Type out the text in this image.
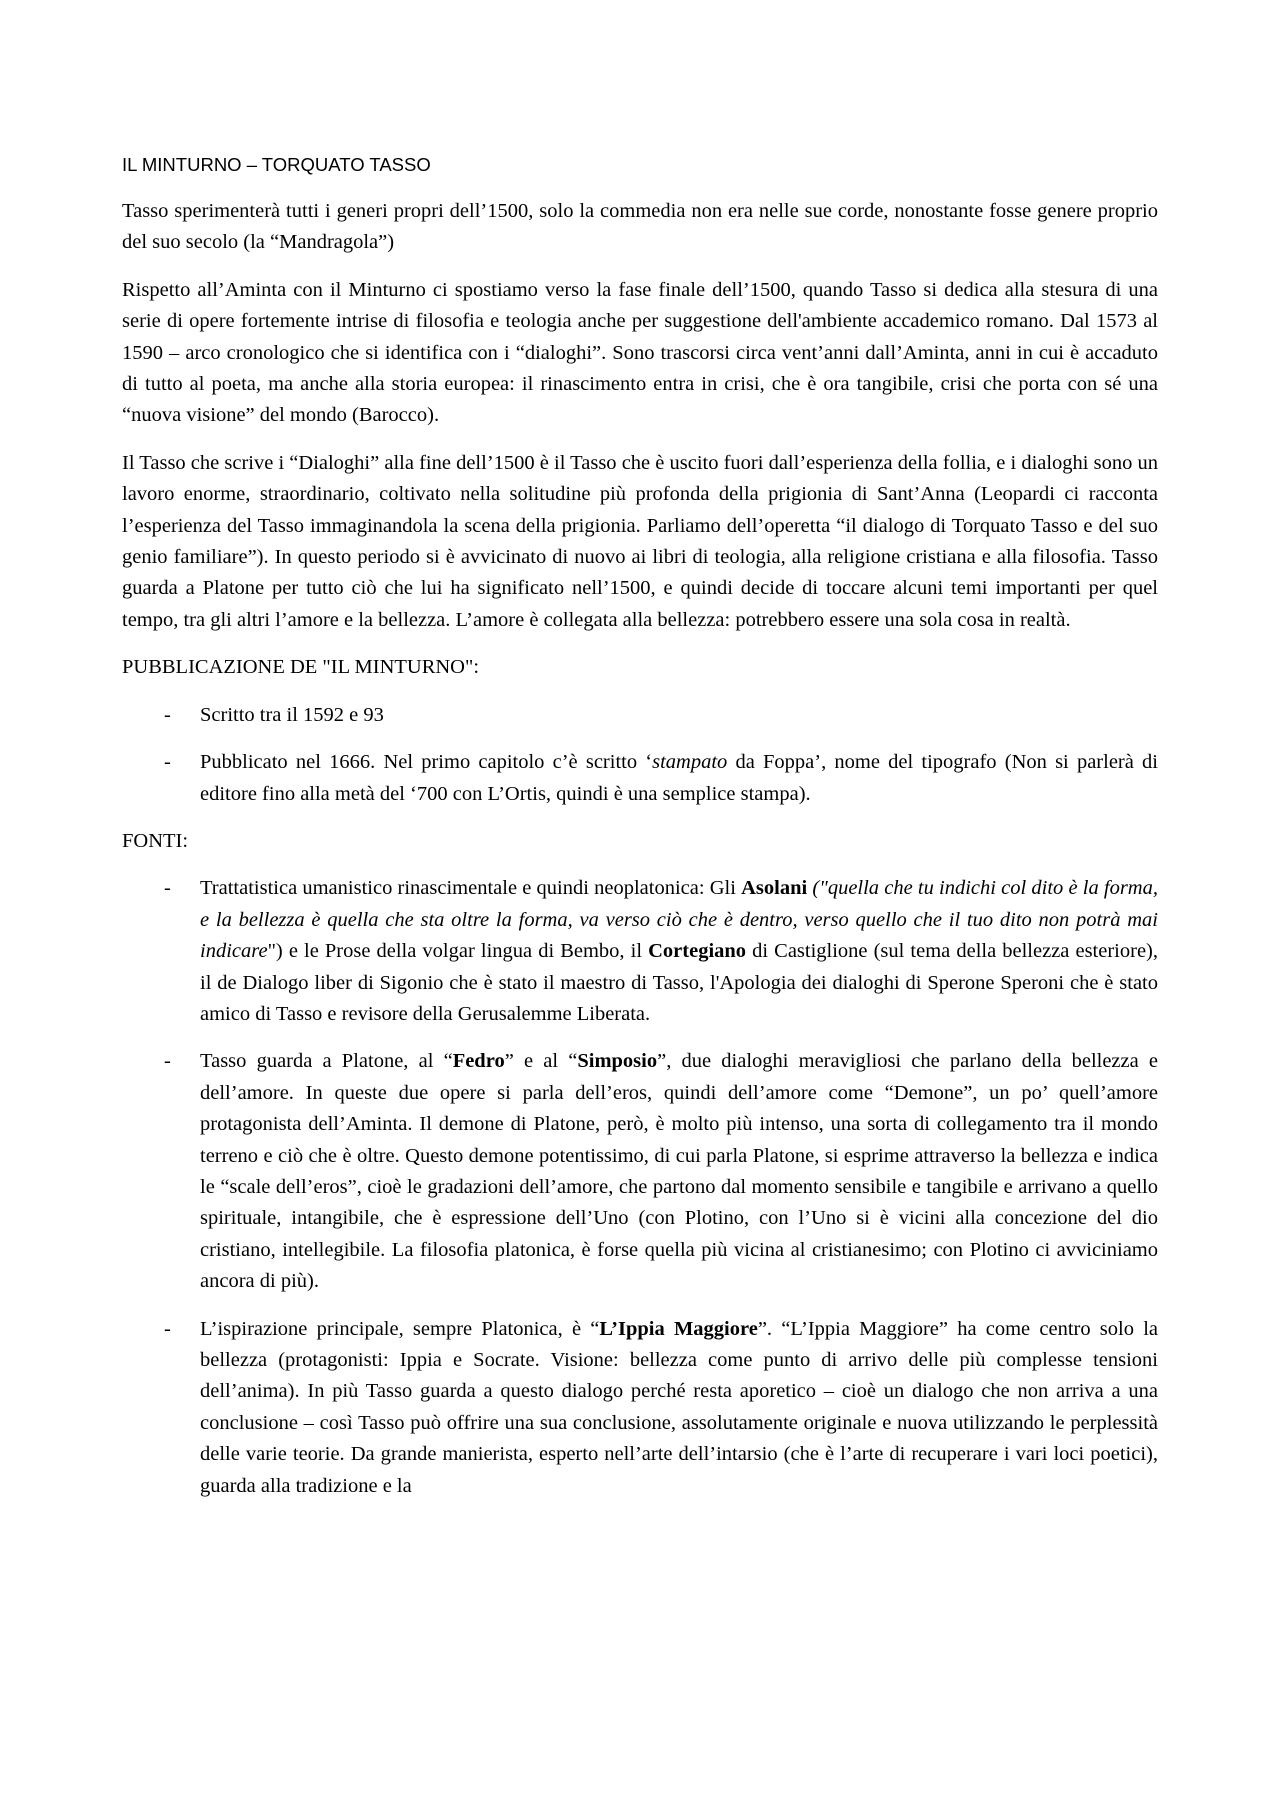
IL MINTURNO – TORQUATO TASSO

Tasso sperimenterà tutti i generi propri dell’1500, solo la commedia non era nelle sue corde, nonostante fosse genere proprio del suo secolo (la “Mandragola”)

Rispetto all’Aminta con il Minturno ci spostiamo verso la fase finale dell’1500, quando Tasso si dedica alla stesura di una serie di opere fortemente intrise di filosofia e teologia anche per suggestione dell'ambiente accademico romano. Dal 1573 al 1590 – arco cronologico che si identifica con i “dialoghi”. Sono trascorsi circa vent’anni dall’Aminta, anni in cui è accaduto di tutto al poeta, ma anche alla storia europea: il rinascimento entra in crisi, che è ora tangibile, crisi che porta con sé una “nuova visione” del mondo (Barocco).

Il Tasso che scrive i “Dialoghi” alla fine dell’1500 è il Tasso che è uscito fuori dall’esperienza della follia, e i dialoghi sono un lavoro enorme, straordinario, coltivato nella solitudine più profonda della prigionia di Sant’Anna (Leopardi ci racconta l’esperienza del Tasso immaginandola la scena della prigionia. Parliamo dell’operetta “il dialogo di Torquato Tasso e del suo genio familiare”). In questo periodo si è avvicinato di nuovo ai libri di teologia, alla religione cristiana e alla filosofia. Tasso guarda a Platone per tutto ciò che lui ha significato nell’1500, e quindi decide di toccare alcuni temi importanti per quel tempo, tra gli altri l’amore e la bellezza. L’amore è collegata alla bellezza: potrebbero essere una sola cosa in realtà.

PUBBLICAZIONE DE "IL MINTURNO":
- Scritto tra il 1592 e 93
- Pubblicato nel 1666. Nel primo capitolo c’è scritto ‘stampato da Foppa’, nome del tipografo (Non si parlerà di editore fino alla metà del ‘700 con L’Ortis, quindi è una semplice stampa).
FONTI:
- Trattatistica umanistico rinascimentale e quindi neoplatonica: Gli Asolani ("quella che tu indichi col dito è la forma, e la bellezza è quella che sta oltre la forma, va verso ciò che è dentro, verso quello che il tuo dito non potrà mai indicare") e le Prose della volgar lingua di Bembo, il Cortegiano di Castiglione (sul tema della bellezza esteriore), il de Dialogo liber di Sigonio che è stato il maestro di Tasso, l'Apologia dei dialoghi di Sperone Speroni che è stato amico di Tasso e revisore della Gerusalemme Liberata.
- Tasso guarda a Platone, al “Fedro” e al “Simposio”, due dialoghi meravigliosi che parlano della bellezza e dell’amore. In queste due opere si parla dell’eros, quindi dell’amore come “Demone”, un po’ quell’amore protagonista dell’Aminta. Il demone di Platone, però, è molto più intenso, una sorta di collegamento tra il mondo terreno e ciò che è oltre. Questo demone potentissimo, di cui parla Platone, si esprime attraverso la bellezza e indica le “scale dell’eros”, cioè le gradazioni dell’amore, che partono dal momento sensibile e tangibile e arrivano a quello spirituale, intangibile, che è espressione dell’Uno (con Plotino, con l’Uno si è vicini alla concezione del dio cristiano, intellegibile. La filosofia platonica, è forse quella più vicina al cristianesimo; con Plotino ci avviciniamo ancora di più).
- L’ispirazione principale, sempre Platonica, è “L’Ippia Maggiore”. “L’Ippia Maggiore” ha come centro solo la bellezza (protagonisti: Ippia e Socrate. Visione: bellezza come punto di arrivo delle più complesse tensioni dell’anima). In più Tasso guarda a questo dialogo perché resta aporetico – cioè un dialogo che non arriva a una conclusione – così Tasso può offrire una sua conclusione, assolutamente originale e nuova utilizzando le perplessità delle varie teorie. Da grande manierista, esperto nell’arte dell’intarsio (che è l’arte di recuperare i vari loci poetici), guarda alla tradizione e la
